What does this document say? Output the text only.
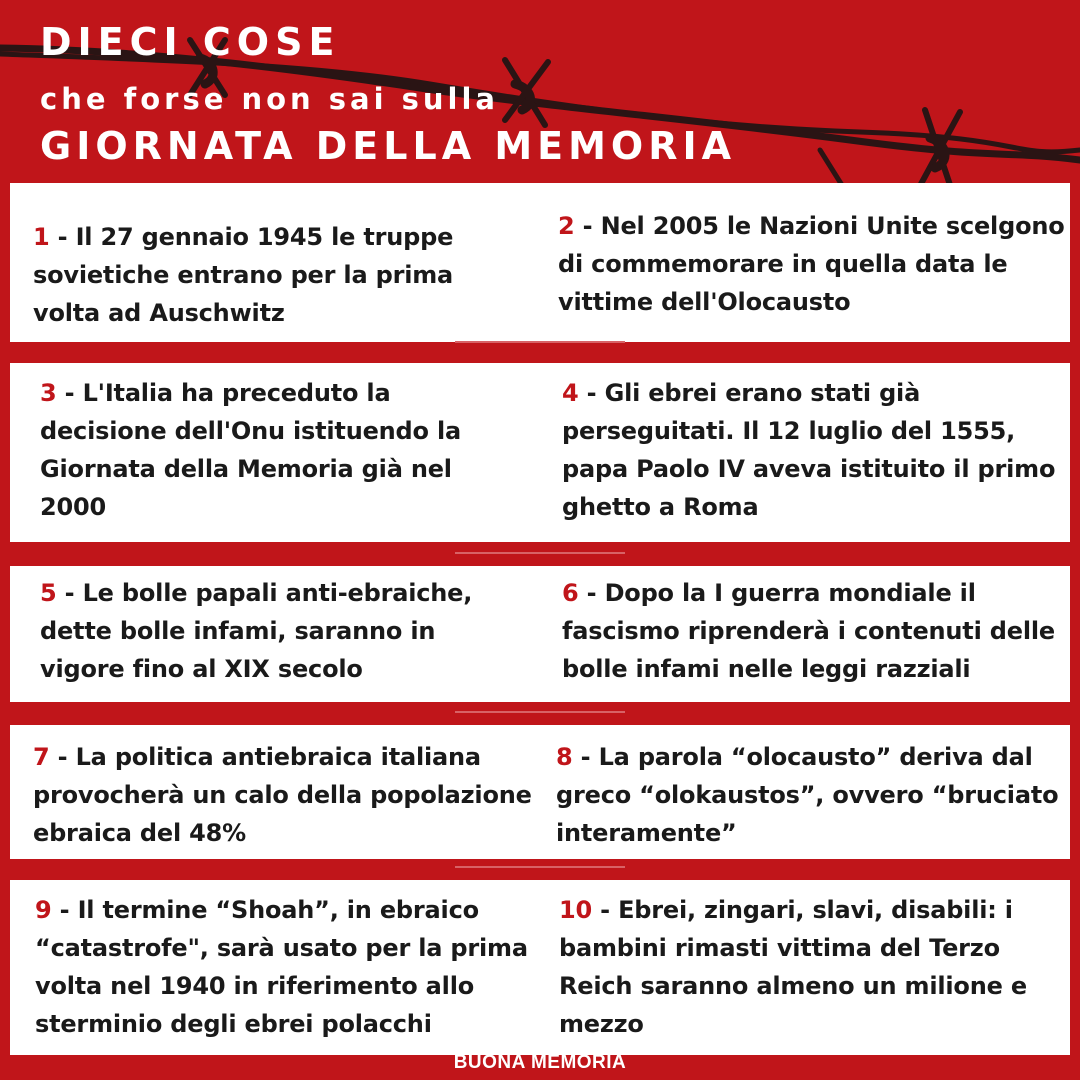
DIECI COSE
che forse non sai sulla
GIORNATA DELLA MEMORIA
1 - Il 27 gennaio 1945 le truppe sovietiche entrano per la prima volta ad Auschwitz
2 - Nel 2005 le Nazioni Unite scelgono di commemorare in quella data le vittime dell'Olocausto
3 - L'Italia ha preceduto la decisione dell'Onu istituendo la Giornata della Memoria già nel 2000
4 - Gli ebrei erano stati già perseguitati. Il 12 luglio del 1555, papa Paolo IV aveva istituito il primo ghetto a Roma
5 - Le bolle papali anti-ebraiche, dette bolle infami, saranno in vigore fino al XIX secolo
6 - Dopo la I guerra mondiale il fascismo riprenderà i contenuti delle bolle infami nelle leggi razziali
7 - La politica antiebraica italiana provocherà un calo della popolazione ebraica del 48%
8 - La parola “olocausto” deriva dal greco “olokaustos”, ovvero “bruciato interamente”
9 - Il termine “Shoah”, in ebraico “catastrofe", sarà usato per la prima volta nel 1940 in riferimento allo sterminio degli ebrei polacchi
10 - Ebrei, zingari, slavi, disabili: i bambini rimasti vittima del Terzo Reich saranno almeno un milione e mezzo
BUONA MEMORIA
